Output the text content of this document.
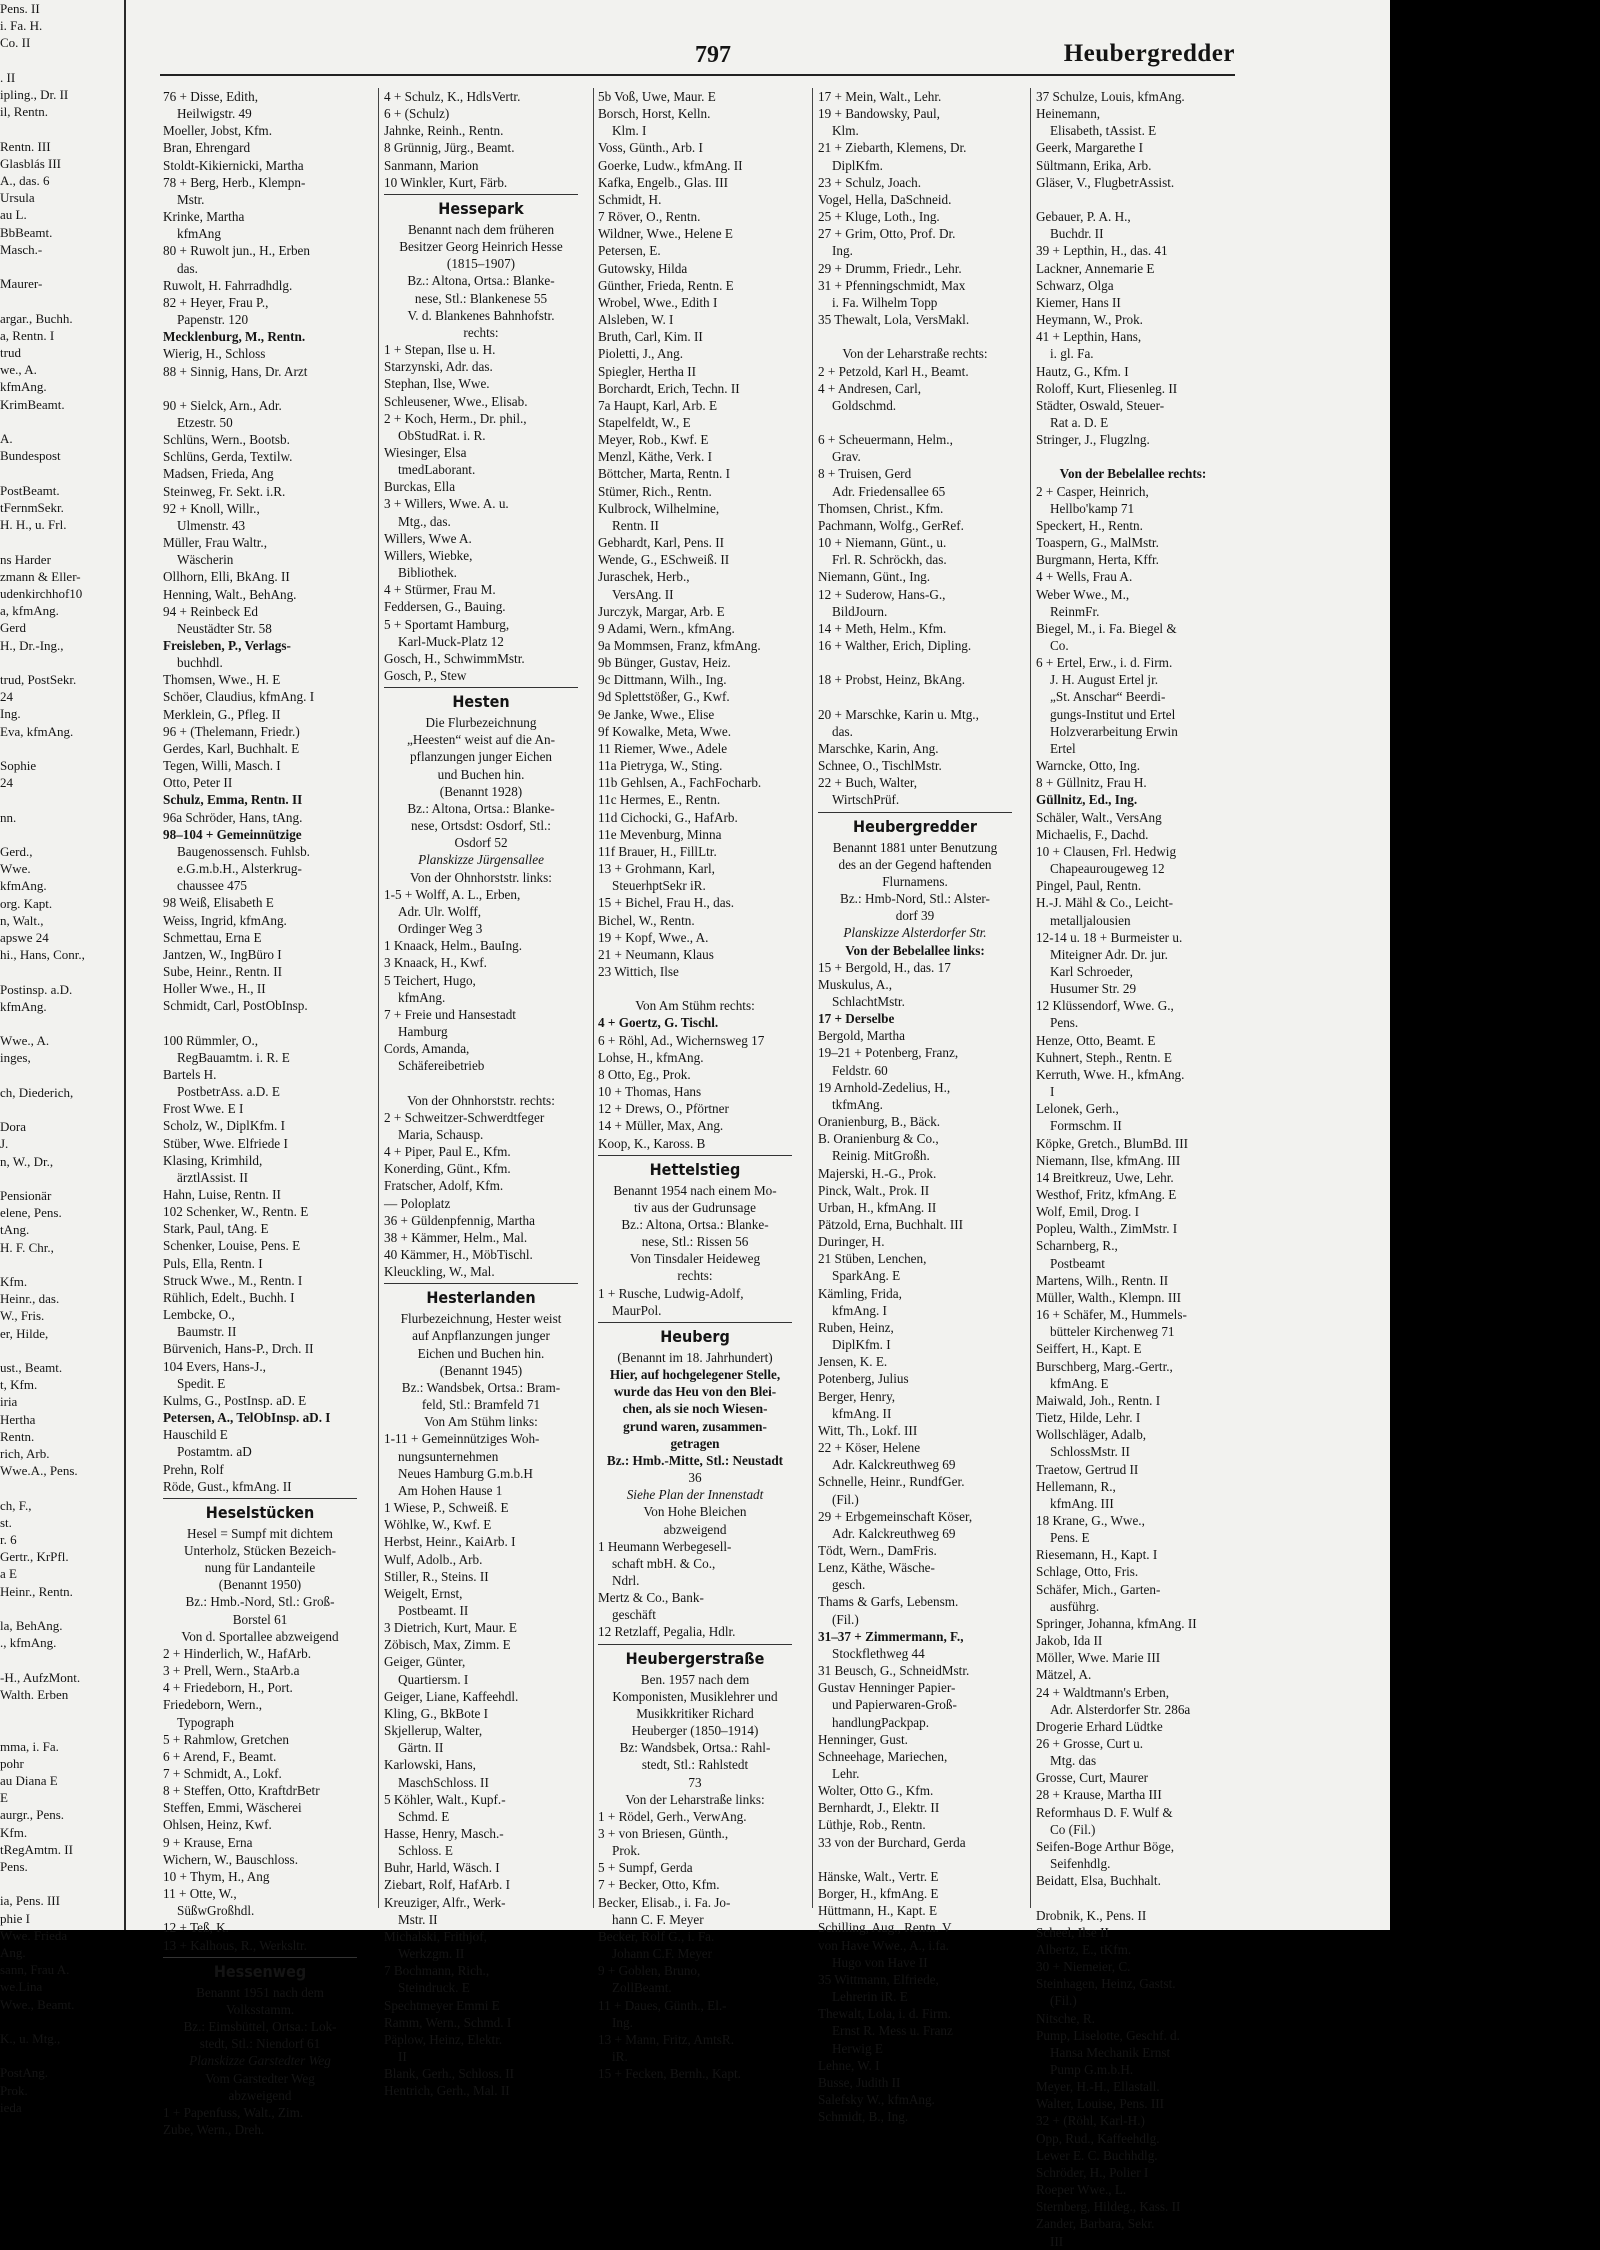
Pens. II
i. Fa. H.
Co. II

. II
ipling., Dr. II
il, Rentn.

Rentn. III
Glasblás III
A., das. 6
Ursula
au L.
BbBeamt.
Masch.-

Maurer-

argar., Buchh.
a, Rentn. I
trud
we., A.
kfmAng.
KrimBeamt.

A.
Bundespost

PostBeamt.
tFernmSekr.
H. H., u. Frl.

ns Harder
zmann & Eller-
udenkirchhof10
a, kfmAng.
Gerd
H., Dr.-Ing.,

trud, PostSekr.
24
Ing.
Eva, kfmAng.

Sophie
24

nn.

Gerd.,
Wwe.
kfmAng.
org. Kapt.
n, Walt.,
apswe 24
hi., Hans, Conr.,

Postinsp. a.D.
kfmAng.

Wwe., A.
inges,

ch, Diederich,

Dora
J.
n, W., Dr.,

Pensionär
elene, Pens.
tAng.
H. F. Chr.,

Kfm.
Heinr., das.
W., Fris.
er, Hilde,

ust., Beamt.
t, Kfm.
iria
Hertha
Rentn.
rich, Arb.
Wwe.A., Pens.

ch, F.,
st.
r. 6
Gertr., KrPfl.
a E
Heinr., Rentn.

la, BehAng.
., kfmAng.

-H., AufzMont.
Walth. Erben

mma, i. Fa.
pohr
au Diana E
E
aurgr., Pens.
Kfm.
tRegAmtm. II
Pens.

ia, Pens. III
phie I
Wwe. Frieda
Ang.
sann, Frau A.
we.Lina
Wwe., Beamt.

K., u. Mtg.,

PostAng.
Prok.
ieda
797	Heubergredder
76 + Disse, Edith,
Heilwigstr. 49
Moeller, Jobst, Kfm.
Bran, Ehrengard
Stoldt-Kikiernicki, Martha
78 + Berg, Herb., Klempn-
Mstr.
Krinke, Martha
kfmAng
80 + Ruwolt jun., H., Erben
das.
Ruwolt, H. Fahrradhdlg.
82 + Heyer, Frau P.,
Papenstr. 120
Mecklenburg, M., Rentn.
Wierig, H., Schloss
88 + Sinnig, Hans, Dr. Arzt

90 + Sielck, Arn., Adr.
Etzestr. 50
Schlüns, Wern., Bootsb.
Schlüns, Gerda, Textilw.
Madsen, Frieda, Ang
Steinweg, Fr. Sekt. i.R.
92 + Knoll, Willr.,
Ulmenstr. 43
Müller, Frau Waltr.,
Wäscherin
Ollhorn, Elli, BkAng. II
Henning, Walt., BehAng.
94 + Reinbeck Ed
Neustädter Str. 58
Freisleben, P., Verlags-
buchhdl.
Thomsen, Wwe., H. E
Schöer, Claudius, kfmAng. I
Merklein, G., Pfleg. II
96 + (Thelemann, Friedr.)
Gerdes, Karl, Buchhalt. E
Tegen, Willi, Masch. I
Otto, Peter II
Schulz, Emma, Rentn. II
96a Schröder, Hans, tAng.
98–104 + Gemeinnützige
Baugenossensch. Fuhlsb.
e.G.m.b.H., Alsterkrug-
chaussee 475
98 Weiß, Elisabeth E
Weiss, Ingrid, kfmAng.
Schmettau, Erna E
Jantzen, W., IngBüro I
Sube, Heinr., Rentn. II
Holler Wwe., H., II
Schmidt, Carl, PostObInsp.

100 Rümmler, O.,
RegBauamtm. i. R. E
Bartels H.
PostbetrAss. a.D. E
Frost Wwe. E I
Scholz, W., DiplKfm. I
Stüber, Wwe. Elfriede I
Klasing, Krimhild,
ärztlAssist. II
Hahn, Luise, Rentn. II
102 Schenker, W., Rentn. E
Stark, Paul, tAng. E
Schenker, Louise, Pens. E
Puls, Ella, Rentn. I
Struck Wwe., M., Rentn. I
Rühlich, Edelt., Buchh. I
Lembcke, O.,
Baumstr. II
Bürvenich, Hans-P., Drch. II
104 Evers, Hans-J.,
Spedit. E
Kulms, G., PostInsp. aD. E
Petersen, A., TelObInsp. aD. I
Hauschild E
Postamtm. aD
Prehn, Rolf
Röde, Gust., kfmAng. II
Heselstücken
Hesel = Sumpf mit dichtem
Unterholz, Stücken Bezeich-
nung für Landanteile
(Benannt 1950)
Bz.: Hmb.-Nord, Stl.: Groß-
Borstel 61
Von d. Sportallee abzweigend
2 + Hinderlich, W., HafArb.
3 + Prell, Wern., StaArb.a
4 + Friedeborn, H., Port.
Friedeborn, Wern.,
Typograph
5 + Rahmlow, Gretchen
6 + Arend, F., Beamt.
7 + Schmidt, A., Lokf.
8 + Steffen, Otto, KraftdrBetr
Steffen, Emmi, Wäscherei
Ohlsen, Heinz, Kwf.
9 + Krause, Erna
Wichern, W., Bauschloss.
10 + Thym, H., Ang
11 + Otte, W.,
SüßwGroßhdl.
12 + Teß, K.
13 + Kalhous, R., Werksltr.
Hessenweg
Benannt 1951 nach dem
Volksstamm.
Bz.: Eimsbüttel, Ortsa.: Lok-
stedt, Stl.: Niendorf 61
Planskizze Garstedter Weg
Vom Garstedter Weg
abzweigend
1 + Papenfuss, Walt., Zim.
Zube, Wern., Dreh.
4 + Schulz, K., HdlsVertr.
6 + (Schulz)
Jahnke, Reinh., Rentn.
8 Grünnig, Jürg., Beamt.
Sanmann, Marion
10 Winkler, Kurt, Färb.
Hessepark
Benannt nach dem früheren
Besitzer Georg Heinrich Hesse
(1815–1907)
Bz.: Altona, Ortsa.: Blanke-
nese, Stl.: Blankenese 55
V. d. Blankenes Bahnhofstr.
rechts:
1 + Stepan, Ilse u. H.
Starzynski, Adr. das.
Stephan, Ilse, Wwe.
Schleusener, Wwe., Elisab.
2 + Koch, Herm., Dr. phil.,
ObStudRat. i. R.
Wiesinger, Elsa
tmedLaborant.
Burckas, Ella
3 + Willers, Wwe. A. u.
Mtg., das.
Willers, Wwe A.
Willers, Wiebke,
Bibliothek.
4 + Stürmer, Frau M.
Feddersen, G., Bauing.
5 + Sportamt Hamburg,
Karl-Muck-Platz 12
Gosch, H., SchwimmMstr.
Gosch, P., Stew
Hesten
Die Flurbezeichnung
„Heesten“ weist auf die An-
pflanzungen junger Eichen
und Buchen hin.
(Benannt 1928)
Bz.: Altona, Ortsa.: Blanke-
nese, Ortsdst: Osdorf, Stl.:
Osdorf 52
Planskizze Jürgensallee
Von der Ohnhorststr. links:
1-5 + Wolff, A. L., Erben,
Adr. Ulr. Wolff,
Ordinger Weg 3
1 Knaack, Helm., BauIng.
3 Knaack, H., Kwf.
5 Teichert, Hugo,
kfmAng.
7 + Freie und Hansestadt
Hamburg
Cords, Amanda,
Schäfereibetrieb

Von der Ohnhorststr. rechts:
2 + Schweitzer-Schwerdtfeger
Maria, Schausp.
4 + Piper, Paul E., Kfm.
Konerding, Günt., Kfm.
Fratscher, Adolf, Kfm.
— Poloplatz
36 + Güldenpfennig, Martha
38 + Kämmer, Helm., Mal.
40 Kämmer, H., MöbTischl.
Kleuckling, W., Mal.
Hesterlanden
Flurbezeichnung, Hester weist
auf Anpflanzungen junger
Eichen und Buchen hin.
(Benannt 1945)
Bz.: Wandsbek, Ortsa.: Bram-
feld, Stl.: Bramfeld 71
Von Am Stühm links:
1-11 + Gemeinnütziges Woh-
nungsunternehmen
Neues Hamburg G.m.b.H
Am Hohen Hause 1
1 Wiese, P., Schweiß. E
Wöhlke, W., Kwf. E
Herbst, Heinr., KaiArb. I
Wulf, Adolb., Arb.
Stiller, R., Steins. II
Weigelt, Ernst,
Postbeamt. II
3 Dietrich, Kurt, Maur. E
Zöbisch, Max, Zimm. E
Geiger, Günter,
Quartiersm. I
Geiger, Liane, Kaffeehdl.
Kling, G., BkBote I
Skjellerup, Walter,
Gärtn. II
Karlowski, Hans,
MaschSchloss. II
5 Köhler, Walt., Kupf.-
Schmd. E
Hasse, Henry, Masch.-
Schloss. E
Buhr, Harld, Wäsch. I
Ziebart, Rolf, HafArb. I
Kreuziger, Alfr., Werk-
Mstr. II
Michalski, Frithjof,
Werkzgm. II
7 Bochmann, Rich.,
Steindruck. E
Spechtmeyer Emmi E
Ramm, Wern., Schmd. I
Päplow, Heinz, Elektr.
II
Blank, Gerh., Schloss. II
Hentrich, Gerh., Mal. II
5b Voß, Uwe, Maur. E
Borsch, Horst, Kelln.
Klm. I
Voss, Günth., Arb. I
Goerke, Ludw., kfmAng. II
Kafka, Engelb., Glas. III
Schmidt, H.
7 Röver, O., Rentn.
Wildner, Wwe., Helene E
Petersen, E.
Gutowsky, Hilda
Günther, Frieda, Rentn. E
Wrobel, Wwe., Edith I
Alsleben, W. I
Bruth, Carl, Kim. II
Pioletti, J., Ang.
Spiegler, Hertha II
Borchardt, Erich, Techn. II
7a Haupt, Karl, Arb. E
Stapelfeldt, W., E
Meyer, Rob., Kwf. E
Menzl, Käthe, Verk. I
Böttcher, Marta, Rentn. I
Stümer, Rich., Rentn.
Kulbrock, Wilhelmine,
Rentn. II
Gebhardt, Karl, Pens. II
Wende, G., ESchweiß. II
Juraschek, Herb.,
VersAng. II
Jurczyk, Margar, Arb. E
9 Adami, Wern., kfmAng.
9a Mommsen, Franz, kfmAng.
9b Bünger, Gustav, Heiz.
9c Dittmann, Wilh., Ing.
9d Splettstößer, G., Kwf.
9e Janke, Wwe., Elise
9f Kowalke, Meta, Wwe.
11 Riemer, Wwe., Adele
11a Pietryga, W., Sting.
11b Gehlsen, A., FachFocharb.
11c Hermes, E., Rentn.
11d Cichocki, G., HafArb.
11e Mevenburg, Minna
11f Brauer, H., FillLtr.
13 + Grohmann, Karl,
SteuerhptSekr iR.
15 + Bichel, Frau H., das.
Bichel, W., Rentn.
19 + Kopf, Wwe., A.
21 + Neumann, Klaus
23 Wittich, Ilse

Von Am Stühm rechts:
4 + Goertz, G. Tischl.
6 + Röhl, Ad., Wichernsweg 17
Lohse, H., kfmAng.
8 Otto, Eg., Prok.
10 + Thomas, Hans
12 + Drews, O., Pförtner
14 + Müller, Max, Ang.
Koop, K., Kaross. B
Hettelstieg
Benannt 1954 nach einem Mo-
tiv aus der Gudrunsage
Bz.: Altona, Ortsa.: Blanke-
nese, Stl.: Rissen 56
Von Tinsdaler Heideweg
rechts:
1 + Rusche, Ludwig-Adolf,
MaurPol.
Heuberg
(Benannt im 18. Jahrhundert)
Hier, auf hochgelegener Stelle,
wurde das Heu von den Blei-
chen, als sie noch Wiesen-
grund waren, zusammen-
getragen
Bz.: Hmb.-Mitte, Stl.: Neustadt
36
Siehe Plan der Innenstadt
Von Hohe Bleichen
abzweigend
1 Heumann Werbegesell-
schaft mbH. & Co.,
Ndrl.
Mertz & Co., Bank-
geschäft
12 Retzlaff, Pegalia, Hdlr.
Heubergerstraße
Ben. 1957 nach dem
Komponisten, Musiklehrer und
Musikkritiker Richard
Heuberger (1850–1914)
Bz: Wandsbek, Ortsa.: Rahl-
stedt, Stl.: Rahlstedt
73
Von der Leharstraße links:
1 + Rödel, Gerh., VerwAng.
3 + von Briesen, Günth.,
Prok.
5 + Sumpf, Gerda
7 + Becker, Otto, Kfm.
Becker, Elisab., i. Fa. Jo-
hann C. F. Meyer
Becker, Rolf G., i. Fa.
Johann C.F. Meyer
9 + Goblen, Bruno,
ZollBeamt.
11 + Daues, Günth., El.-
Ing.
13 + Mann, Fritz, AmtsR.
iR.
15 + Fecken, Bernh., Kapt.
17 + Mein, Walt., Lehr.
19 + Bandowsky, Paul,
Klm.
21 + Ziebarth, Klemens, Dr.
DiplKfm.
23 + Schulz, Joach.
Vogel, Hella, DaSchneid.
25 + Kluge, Loth., Ing.
27 + Grim, Otto, Prof. Dr.
Ing.
29 + Drumm, Friedr., Lehr.
31 + Pfenningschmidt, Max
i. Fa. Wilhelm Topp
35 Thewalt, Lola, VersMakl.

Von der Leharstraße rechts:
2 + Petzold, Karl H., Beamt.
4 + Andresen, Carl,
Goldschmd.

6 + Scheuermann, Helm.,
Grav.
8 + Truisen, Gerd
Adr. Friedensallee 65
Thomsen, Christ., Kfm.
Pachmann, Wolfg., GerRef.
10 + Niemann, Günt., u.
Frl. R. Schröckh, das.
Niemann, Günt., Ing.
12 + Suderow, Hans-G.,
BildJourn.
14 + Meth, Helm., Kfm.
16 + Walther, Erich, Dipling.

18 + Probst, Heinz, BkAng.

20 + Marschke, Karin u. Mtg.,
das.
Marschke, Karin, Ang.
Schnee, O., TischlMstr.
22 + Buch, Walter,
WirtschPrüf.
Heubergredder
Benannt 1881 unter Benutzung
des an der Gegend haftenden
Flurnamens.
Bz.: Hmb-Nord, Stl.: Alster-
dorf 39
Planskizze Alsterdorfer Str.
Von der Bebelallee links:
15 + Bergold, H., das. 17
Muskulus, A.,
SchlachtMstr.
17 + Derselbe
Bergold, Martha
19–21 + Potenberg, Franz,
Feldstr. 60
19 Arnhold-Zedelius, H.,
tkfmAng.
Oranienburg, B., Bäck.
B. Oranienburg & Co.,
Reinig. MitGroßh.
Majerski, H.-G., Prok.
Pinck, Walt., Prok. II
Urban, H., kfmAng. II
Pätzold, Erna, Buchhalt. III
Duringer, H.
21 Stüben, Lenchen,
SparkAng. E
Kämling, Frida,
kfmAng. I
Ruben, Heinz,
DiplKfm. I
Jensen, K. E.
Potenberg, Julius
Berger, Henry,
kfmAng. II
Witt, Th., Lokf. III
22 + Köser, Helene
Adr. Kalckreuthweg 69
Schnelle, Heinr., RundfGer.
(Fil.)
29 + Erbgemeinschaft Köser,
Adr. Kalckreuthweg 69
Tödt, Wern., DamFris.
Lenz, Käthe, Wäsche-
gesch.
Thams & Garfs, Lebensm.
(Fil.)
31–37 + Zimmermann, F.,
Stockflethweg 44
31 Beusch, G., SchneidMstr.
Gustav Henninger Papier-
und Papierwaren-Groß-
handlungPackpap.
Henninger, Gust.
Schneehage, Mariechen,
Lehr.
Wolter, Otto G., Kfm.
Bernhardt, J., Elektr. II
Lüthje, Rob., Rentn.
33 von der Burchard, Gerda

Hänske, Walt., Vertr. E
Borger, H., kfmAng. E
Hüttmann, H., Kapt. E
Schilling, Aug., Rentn. V
von Have Wwe., A., i.fa.
Hugo von Have II
35 Wittmann, Elfriede,
Lehrerin iR. E
Thewalt, Lola, i. d. Firm.
Ernst R. Mess u. Franz
Herwig E
Lehne, W. I
Busse, Judith II
Salefsky W., kfmAng.
Schmidt, B., Ing.
37 Schulze, Louis, kfmAng.
Heinemann,
Elisabeth, tAssist. E
Geerk, Margarethe I
Sültmann, Erika, Arb.
Gläser, V., FlugbetrAssist.

Gebauer, P. A. H.,
Buchdr. II
39 + Lepthin, H., das. 41
Lackner, Annemarie E
Schwarz, Olga
Kiemer, Hans II
Heymann, W., Prok.
41 + Lepthin, Hans,
i. gl. Fa.
Hautz, G., Kfm. I
Roloff, Kurt, Fliesenleg. II
Städter, Oswald, Steuer-
Rat a. D. E
Stringer, J., Flugzlng.

Von der Bebelallee rechts:
2 + Casper, Heinrich,
Hellbo'kamp 71
Speckert, H., Rentn.
Toaspern, G., MalMstr.
Burgmann, Herta, Kffr.
4 + Wells, Frau A.
Weber Wwe., M.,
ReinmFr.
Biegel, M., i. Fa. Biegel &
Co.
6 + Ertel, Erw., i. d. Firm.
J. H. August Ertel jr.
„St. Anschar“ Beerdi-
gungs-Institut und Ertel
Holzverarbeitung Erwin
Ertel
Warncke, Otto, Ing.
8 + Güllnitz, Frau H.
Güllnitz, Ed., Ing.
Schäler, Walt., VersAng
Michaelis, F., Dachd.
10 + Clausen, Frl. Hedwig
Chapeaurougeweg 12
Pingel, Paul, Rentn.
H.-J. Mähl & Co., Leicht-
metalljalousien
12-14 u. 18 + Burmeister u.
Miteigner Adr. Dr. jur.
Karl Schroeder,
Husumer Str. 29
12 Klüssendorf, Wwe. G.,
Pens.
Henze, Otto, Beamt. E
Kuhnert, Steph., Rentn. E
Kerruth, Wwe. H., kfmAng.
I
Lelonek, Gerh.,
Formschm. II
Köpke, Gretch., BlumBd. III
Niemann, Ilse, kfmAng. III
14 Breitkreuz, Uwe, Lehr.
Westhof, Fritz, kfmAng. E
Wolf, Emil, Drog. I
Popleu, Walth., ZimMstr. I
Scharnberg, R.,
Postbeamt
Martens, Wilh., Rentn. II
Müller, Walth., Klempn. III
16 + Schäfer, M., Hummels-
bütteler Kirchenweg 71
Seiffert, H., Kapt. E
Burschberg, Marg.-Gertr.,
kfmAng. E
Maiwald, Joh., Rentn. I
Tietz, Hilde, Lehr. I
Wollschläger, Adalb,
SchlossMstr. II
Traetow, Gertrud II
Hellemann, R.,
kfmAng. III
18 Krane, G., Wwe.,
Pens. E
Riesemann, H., Kapt. I
Schlage, Otto, Fris.
Schäfer, Mich., Garten-
ausführg.
Springer, Johanna, kfmAng. II
Jakob, Ida II
Möller, Wwe. Marie III
Mätzel, A.
24 + Waldtmann's Erben,
Adr. Alsterdorfer Str. 286a
Drogerie Erhard Lüdtke
26 + Grosse, Curt u.
Mtg. das
Grosse, Curt, Maurer
28 + Krause, Martha III
Reformhaus D. F. Wulf &
Co (Fil.)
Seifen-Boge Arthur Böge,
Seifenhdlg.
Beidatt, Elsa, Buchhalt.

Drobnik, K., Pens. II
Scheel, Ilse II
Albertz, E., tKfm.
30 + Niemeier, C.
Steinhagen, Heinz, Gastst.
(Fil.)
Nitsche, R.
Pump, Liselotte, Geschf. d.
Hansa Mechanik Ernst
Pump G.m.b.H.
Meyer, H.-H., Ellastall.
Walter, Louise, Pens. III
32 + (Röhl, Karl-H.)
Opp, Rud., Kaffeehdlg.
Lewer E. C. Buchhdlg.
Schröder, H., Polier I
Roeper Wwe., L.
Sternberg, Hildeg., Kass. II
Zander, Barbara, Sekr.
III
